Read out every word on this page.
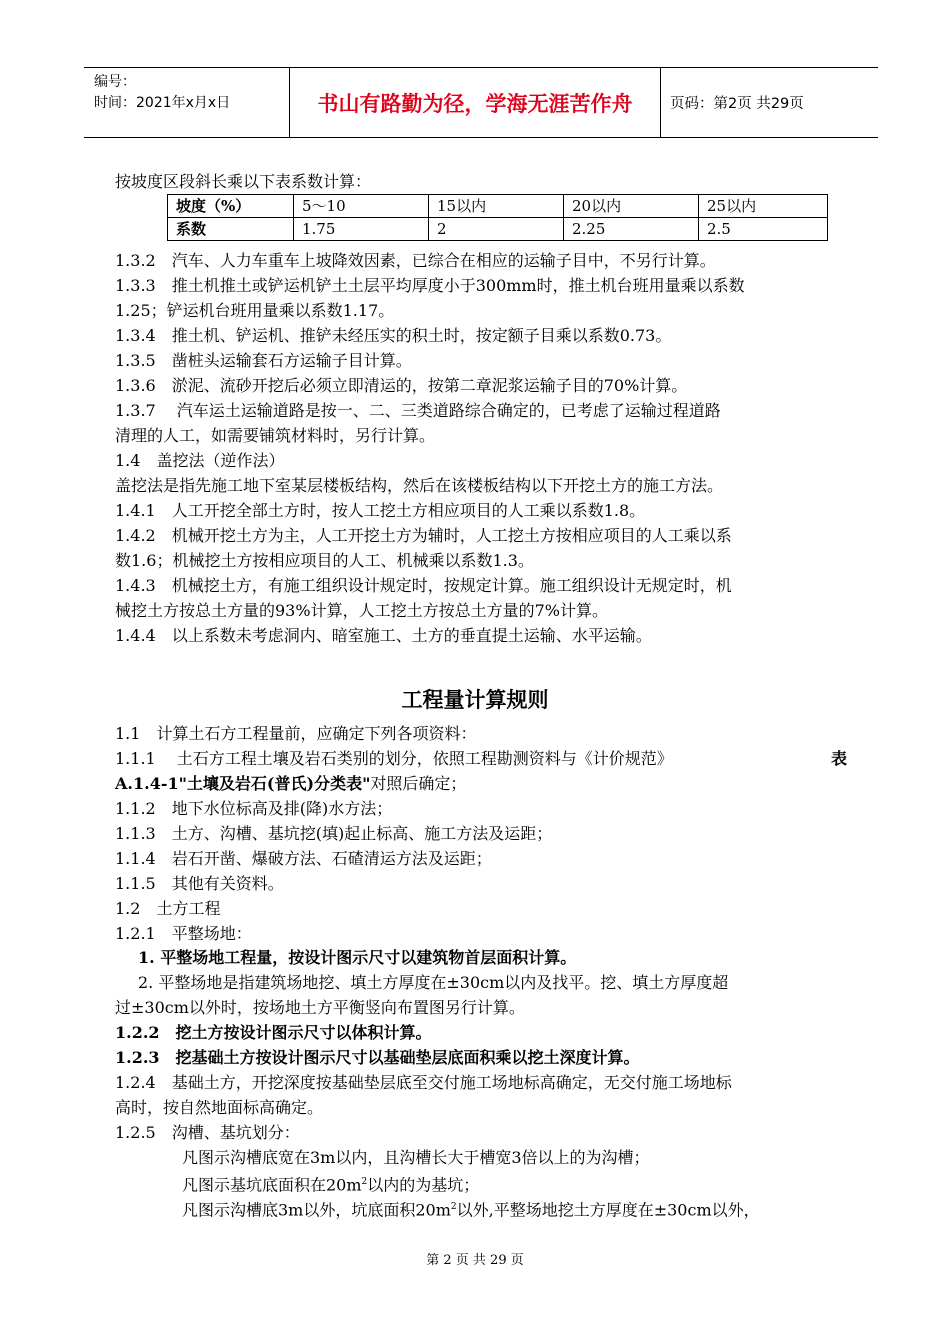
编号：
时间：2021年x月x日	书山有路勤为径，学海无涯苦作舟	页码：第2页 共29页
按坡度区段斜长乘以下表系数计算：
坡度（%）	5～10	15以内	20以内	25以内
系数	1.75	2	2.25	2.5
1.3.2　汽车、人力车重车上坡降效因素，已综合在相应的运输子目中，不另行计算。
1.3.3　推土机推土或铲运机铲土土层平均厚度小于300mm时，推土机台班用量乘以系数
1.25；铲运机台班用量乘以系数1.17。
1.3.4　推土机、铲运机、推铲未经压实的积土时，按定额子目乘以系数0.73。
1.3.5　凿桩头运输套石方运输子目计算。
1.3.6　淤泥、流砂开挖后必须立即清运的，按第二章泥浆运输子目的70%计算。
1.3.7　 汽车运土运输道路是按一、二、三类道路综合确定的，已考虑了运输过程道路
清理的人工，如需要铺筑材料时，另行计算。
1.4　盖挖法（逆作法）
盖挖法是指先施工地下室某层楼板结构，然后在该楼板结构以下开挖土方的施工方法。
1.4.1　人工开挖全部土方时，按人工挖土方相应项目的人工乘以系数1.8。
1.4.2　机械开挖土方为主，人工开挖土方为辅时，人工挖土方按相应项目的人工乘以系
数1.6；机械挖土方按相应项目的人工、机械乘以系数1.3。
1.4.3　机械挖土方，有施工组织设计规定时，按规定计算。施工组织设计无规定时，机
械挖土方按总土方量的93%计算，人工挖土方按总土方量的7%计算。
1.4.4　以上系数未考虑洞内、暗室施工、土方的垂直提土运输、水平运输。
工程量计算规则
1.1　计算土石方工程量前，应确定下列各项资料：
1.1.1　 土石方工程土壤及岩石类别的划分，依照工程勘测资料与《计价规范》	表
A.1.4-1"土壤及岩石(普氏)分类表"对照后确定；
1.1.2　地下水位标高及排(降)水方法；
1.1.3　土方、沟槽、基坑挖(填)起止标高、施工方法及运距；
1.1.4　岩石开凿、爆破方法、石碴清运方法及运距；
1.1.5　其他有关资料。
1.2　土方工程
1.2.1　平整场地：
1. 平整场地工程量，按设计图示尺寸以建筑物首层面积计算。
2. 平整场地是指建筑场地挖、填土方厚度在±30cm以内及找平。挖、填土方厚度超
过±30cm以外时，按场地土方平衡竖向布置图另行计算。
1.2.2　挖土方按设计图示尺寸以体积计算。
1.2.3　挖基础土方按设计图示尺寸以基础垫层底面积乘以挖土深度计算。
1.2.4　基础土方，开挖深度按基础垫层底至交付施工场地标高确定，无交付施工场地标
高时，按自然地面标高确定。
1.2.5　沟槽、基坑划分：
凡图示沟槽底宽在3m以内，且沟槽长大于槽宽3倍以上的为沟槽；
凡图示基坑底面积在$20m^2$以内的为基坑；
凡图示沟槽底3m以外，坑底面积$20m^2$以外,平整场地挖土方厚度在±30cm以外，
第 2 页 共 29 页
